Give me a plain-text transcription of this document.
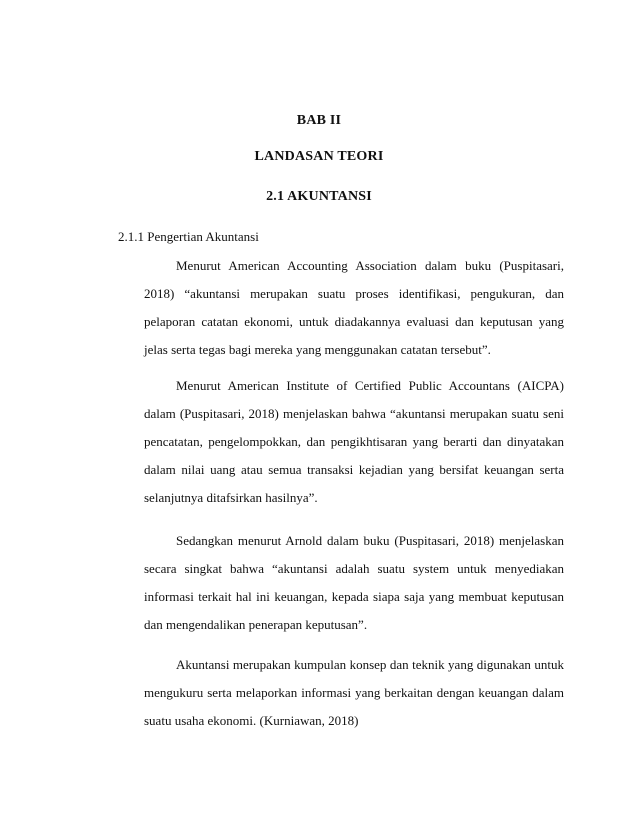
BAB II
LANDASAN TEORI
2.1 AKUNTANSI
2.1.1 Pengertian Akuntansi

Menurut American Accounting Association dalam buku (Puspitasari, 2018) “akuntansi merupakan suatu proses identifikasi, pengukuran, dan pelaporan catatan ekonomi, untuk diadakannya evaluasi dan keputusan yang jelas serta tegas bagi mereka yang menggunakan catatan tersebut”.

Menurut American Institute of Certified Public Accountans (AICPA) dalam (Puspitasari, 2018) menjelaskan bahwa “akuntansi merupakan suatu seni pencatatan, pengelompokkan, dan pengikhtisaran yang berarti dan dinyatakan dalam nilai uang atau semua transaksi kejadian yang bersifat keuangan serta selanjutnya ditafsirkan hasilnya”.

Sedangkan menurut Arnold dalam buku (Puspitasari, 2018) menjelaskan secara singkat bahwa “akuntansi adalah suatu system untuk menyediakan informasi terkait hal ini keuangan, kepada siapa saja yang membuat keputusan dan mengendalikan penerapan keputusan”.

Akuntansi merupakan kumpulan konsep dan teknik yang digunakan untuk mengukuru serta melaporkan informasi yang berkaitan dengan keuangan dalam suatu usaha ekonomi. (Kurniawan, 2018)
